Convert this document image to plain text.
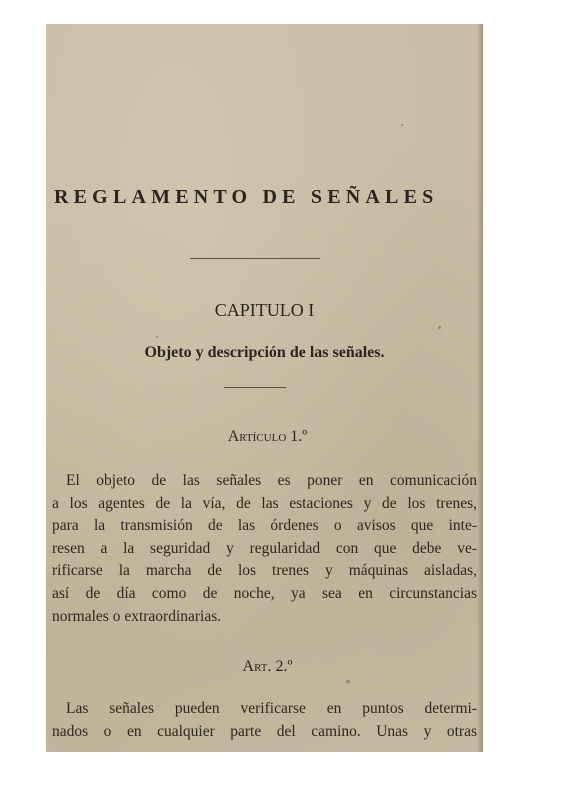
REGLAMENTO DE SEÑALES
CAPITULO I
Objeto y descripción de las señales.
Artículo 1.º
El objeto de las señales es poner en comunicación
a los agentes de la vía, de las estaciones y de los trenes,
para la transmisión de las órdenes o avisos que inte-
resen a la seguridad y regularidad con que debe ve-
rificarse la marcha de los trenes y máquinas aisladas,
así de día como de noche, ya sea en circunstancias
normales o extraordinarias.
Art. 2.º
Las señales pueden verificarse en puntos determi-
nados o en cualquier parte del camino. Unas y otras
